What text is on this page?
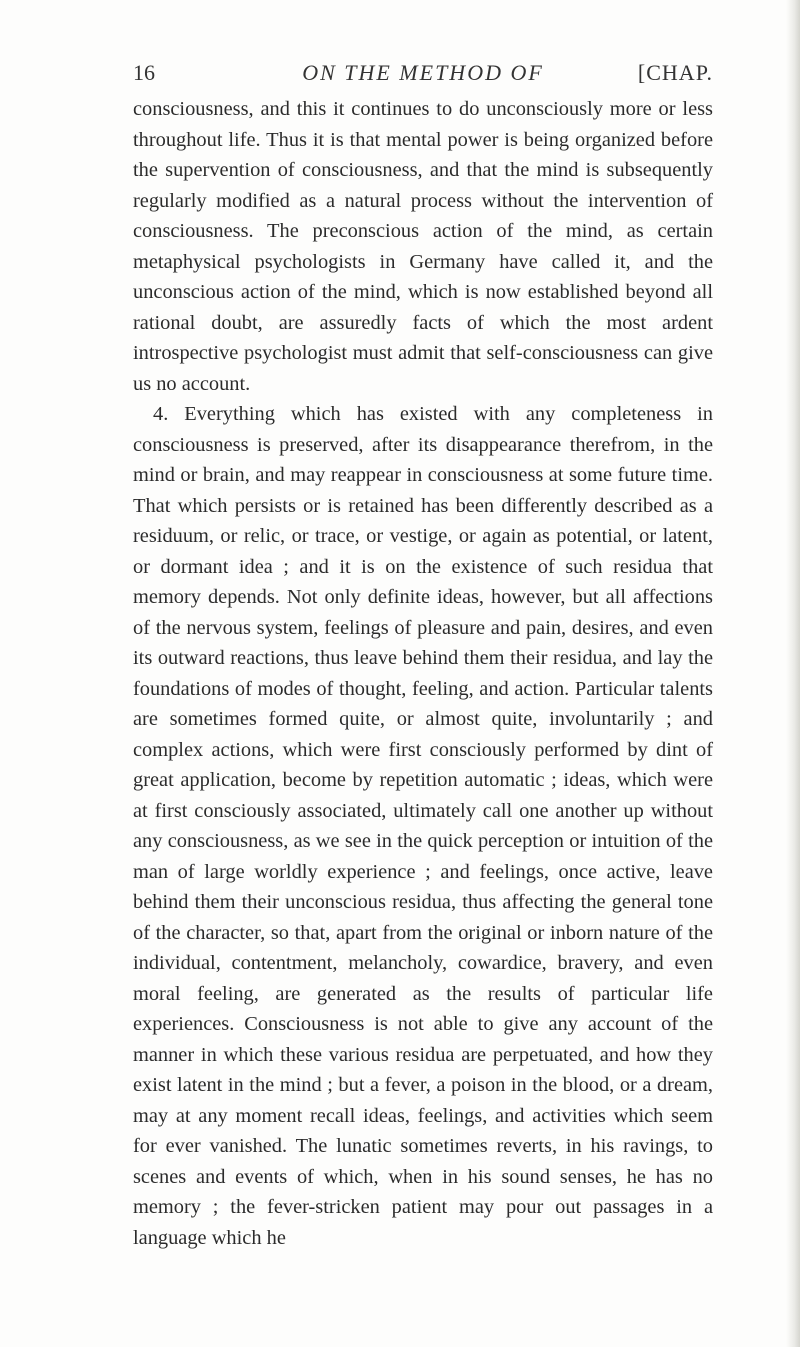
16	ON THE METHOD OF	[CHAP.

consciousness, and this it continues to do unconsciously more or less throughout life. Thus it is that mental power is being organized before the supervention of consciousness, and that the mind is subsequently regularly modified as a natural process without the intervention of consciousness. The preconscious action of the mind, as certain metaphysical psychologists in Germany have called it, and the unconscious action of the mind, which is now established beyond all rational doubt, are assuredly facts of which the most ardent introspective psychologist must admit that self-consciousness can give us no account.

4. Everything which has existed with any completeness in consciousness is preserved, after its disappearance therefrom, in the mind or brain, and may reappear in consciousness at some future time. That which persists or is retained has been differently described as a residuum, or relic, or trace, or vestige, or again as potential, or latent, or dormant idea ; and it is on the existence of such residua that memory depends. Not only definite ideas, however, but all affections of the nervous system, feelings of pleasure and pain, desires, and even its outward reactions, thus leave behind them their residua, and lay the foundations of modes of thought, feeling, and action. Particular talents are sometimes formed quite, or almost quite, involuntarily ; and complex actions, which were first consciously performed by dint of great application, become by repetition automatic ; ideas, which were at first consciously associated, ultimately call one another up without any consciousness, as we see in the quick perception or intuition of the man of large worldly experience ; and feelings, once active, leave behind them their unconscious residua, thus affecting the general tone of the character, so that, apart from the original or inborn nature of the individual, contentment, melancholy, cowardice, bravery, and even moral feeling, are generated as the results of particular life experiences. Consciousness is not able to give any account of the manner in which these various residua are perpetuated, and how they exist latent in the mind ; but a fever, a poison in the blood, or a dream, may at any moment recall ideas, feelings, and activities which seem for ever vanished. The lunatic sometimes reverts, in his ravings, to scenes and events of which, when in his sound senses, he has no memory ; the fever-stricken patient may pour out passages in a language which he
